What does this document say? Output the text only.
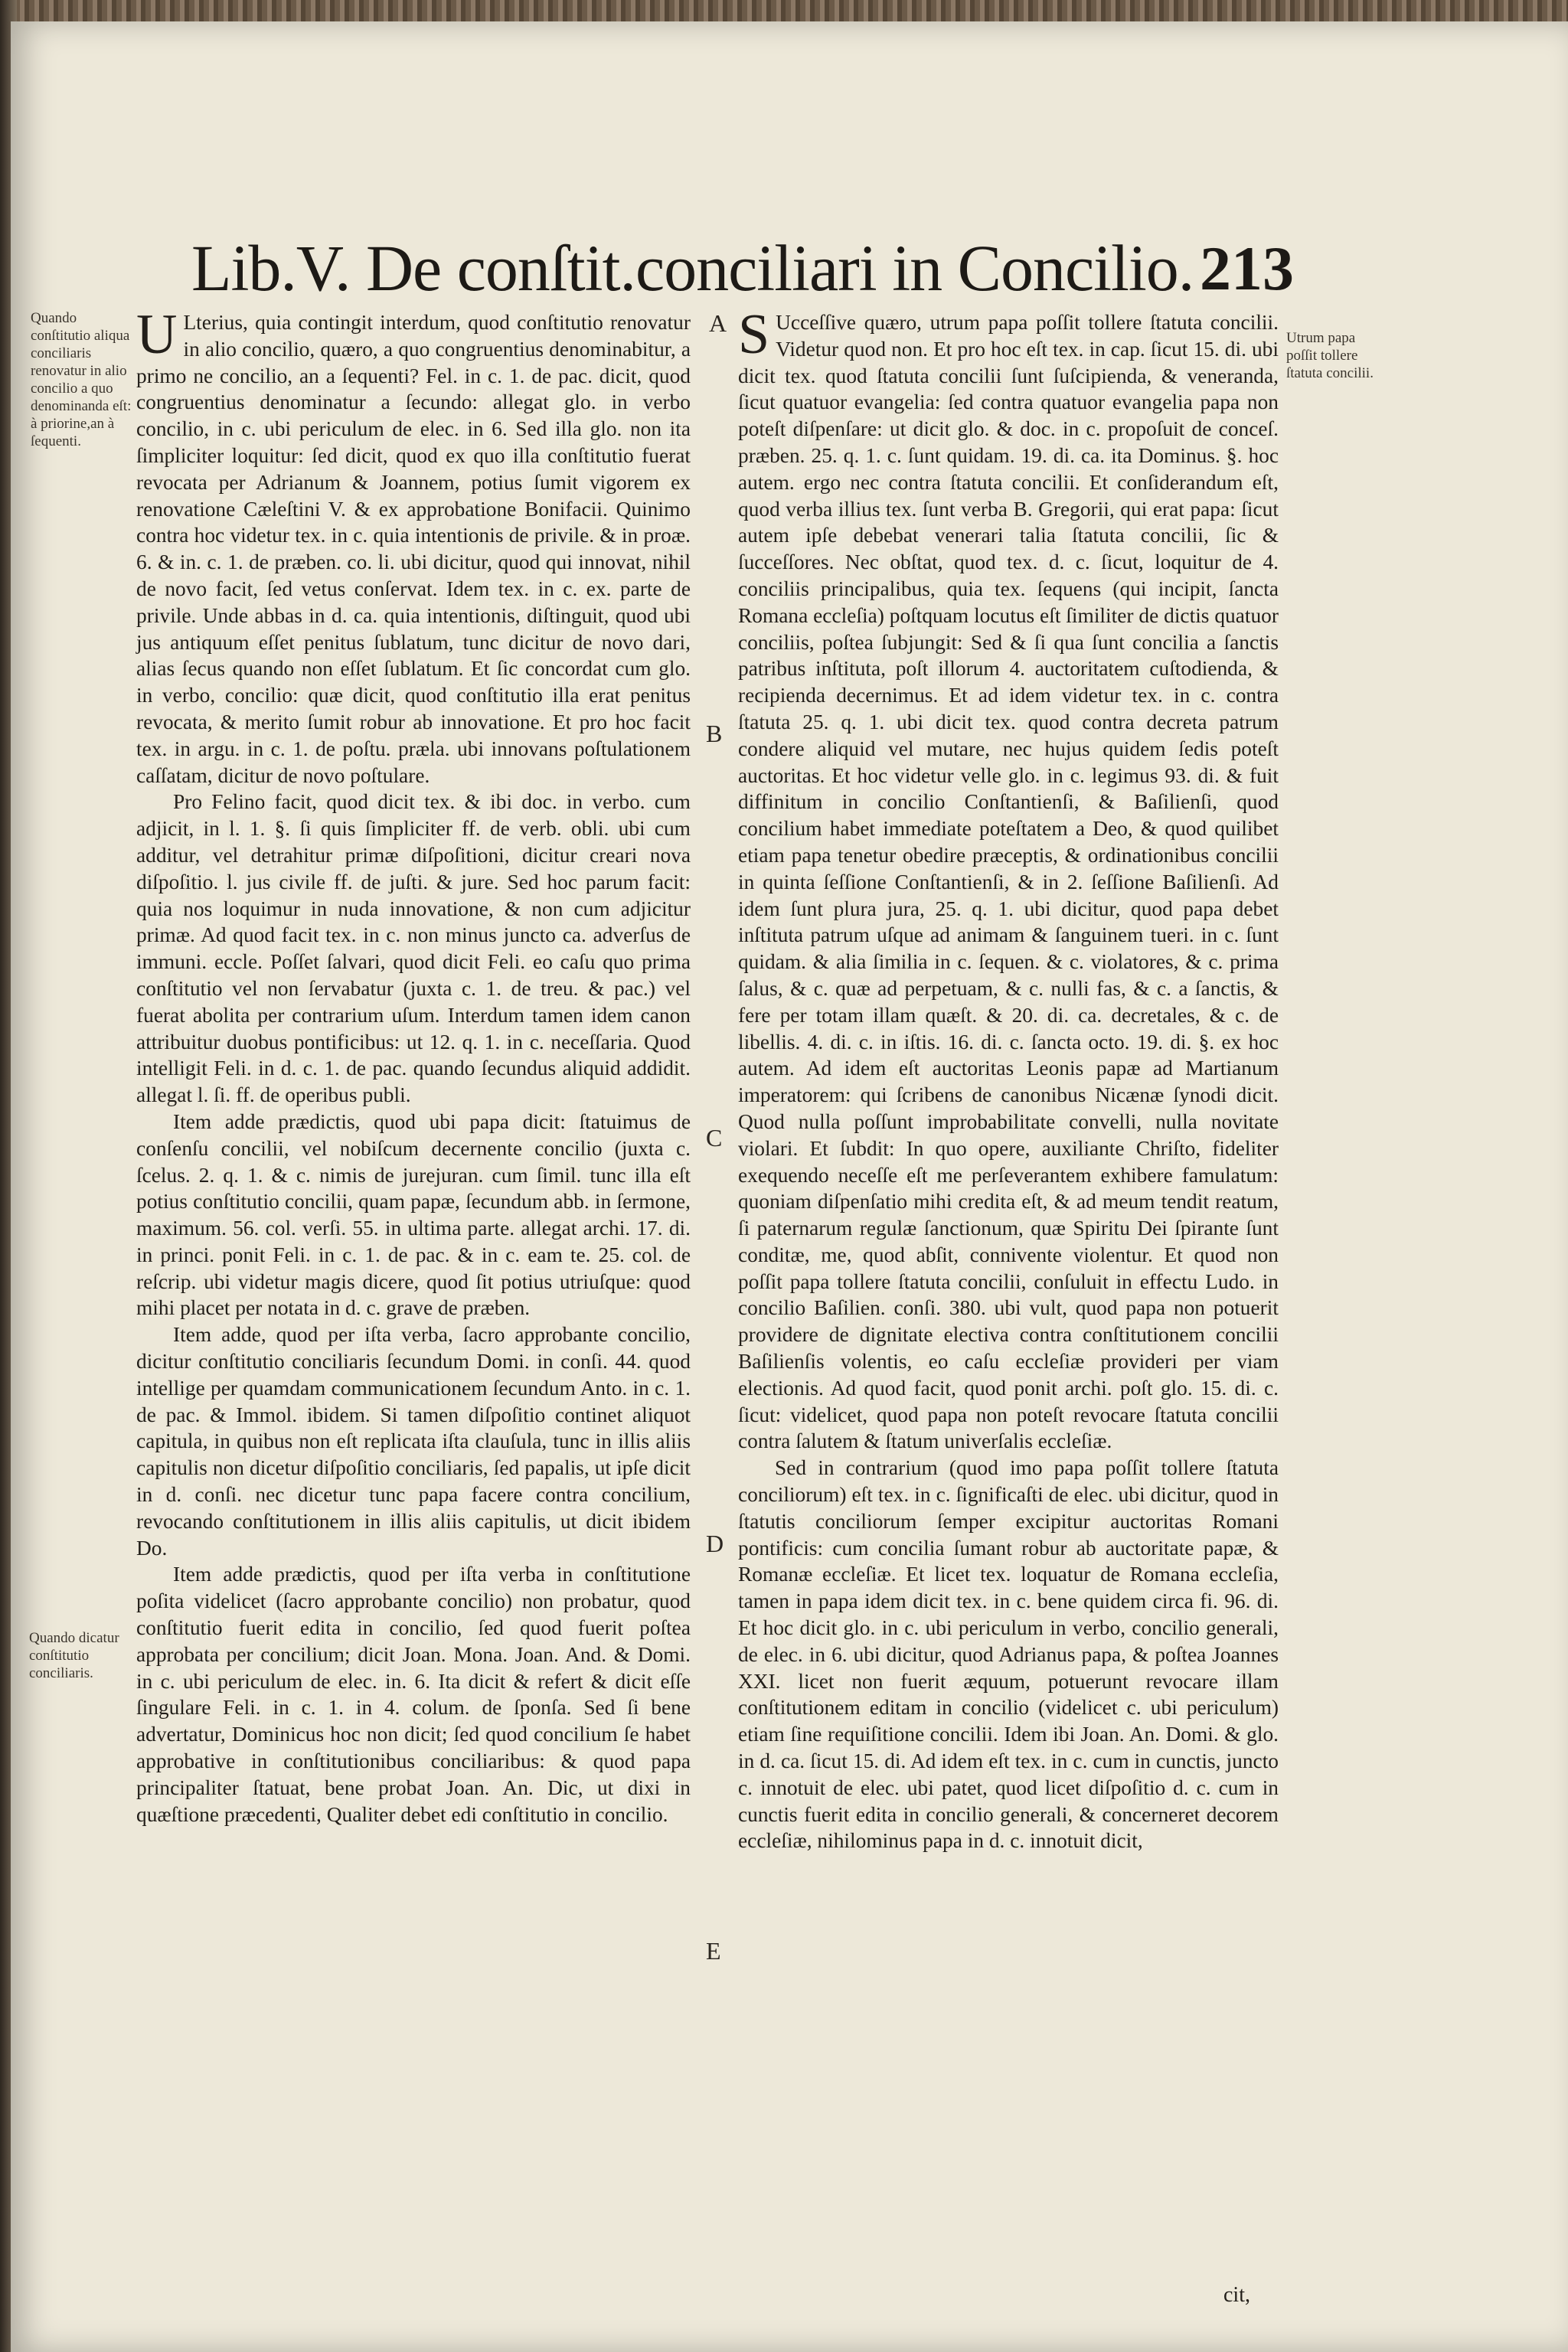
Lib.V. De conſtit.conciliari in Concilio. 213
Quando conſtitutio aliqua conciliaris renovatur in alio concilio a quo denominanda eſt: à priorine,an à ſequenti.
Quando dicatur conſtitutio conciliaris.
Utrum papa poſſit tollere ſtatuta concilii.
A
B
C
D
E

U Lterius, quia contingit interdum, quod conſtitutio renovatur in alio concilio, quæro, a quo congruentius denominabitur, a primo ne concilio, an a ſequenti? Fel. in c. 1. de pac. dicit, quod congruentius denominatur a ſecundo: allegat glo. in verbo concilio, in c. ubi periculum de elec. in 6. Sed illa glo. non ita ſimpliciter loquitur: ſed dicit, quod ex quo illa conſtitutio fuerat revocata per Adrianum & Joannem, potius ſumit vigorem ex renovatione Cæleſtini V. & ex approbatione Bonifacii. Quinimo contra hoc videtur tex. in c. quia intentionis de privile. & in proæ. 6. & in. c. 1. de præben. co. li. ubi dicitur, quod qui innovat, nihil de novo facit, ſed vetus conſervat. Idem tex. in c. ex. parte de privile. Unde abbas in d. ca. quia intentionis, diſtinguit, quod ubi jus antiquum eſſet penitus ſublatum, tunc dicitur de novo dari, alias ſecus quando non eſſet ſublatum. Et ſic concordat cum glo. in verbo, concilio: quæ dicit, quod conſtitutio illa erat penitus revocata, & merito ſumit robur ab innovatione. Et pro hoc facit tex. in argu. in c. 1. de poſtu. præla. ubi innovans poſtulationem caſſatam, dicitur de novo poſtulare.

Pro Felino facit, quod dicit tex. & ibi doc. in verbo. cum adjicit, in l. 1. §. ſi quis ſimpliciter ff. de verb. obli. ubi cum additur, vel detrahitur primæ diſpoſitioni, dicitur creari nova diſpoſitio. l. jus civile ff. de juſti. & jure. Sed hoc parum facit: quia nos loquimur in nuda innovatione, & non cum adjicitur primæ. Ad quod facit tex. in c. non minus juncto ca. adverſus de immuni. eccle. Poſſet ſalvari, quod dicit Feli. eo caſu quo prima conſtitutio vel non ſervabatur (juxta c. 1. de treu. & pac.) vel fuerat abolita per contrarium uſum. Interdum tamen idem canon attribuitur duobus pontificibus: ut 12. q. 1. in c. neceſſaria. Quod intelligit Feli. in d. c. 1. de pac. quando ſecundus aliquid addidit. allegat l. ſi. ff. de operibus publi.

Item adde prædictis, quod ubi papa dicit: ſtatuimus de conſenſu concilii, vel nobiſcum decernente concilio (juxta c. ſcelus. 2. q. 1. & c. nimis de jurejuran. cum ſimil. tunc illa eſt potius conſtitutio concilii, quam papæ, ſecundum abb. in ſermone, maximum. 56. col. verſi. 55. in ultima parte. allegat archi. 17. di. in princi. ponit Feli. in c. 1. de pac. & in c. eam te. 25. col. de reſcrip. ubi videtur magis dicere, quod ſit potius utriuſque: quod mihi placet per notata in d. c. grave de præben.

Item adde, quod per iſta verba, ſacro approbante concilio, dicitur conſtitutio conciliaris ſecundum Domi. in conſi. 44. quod intellige per quamdam communicationem ſecundum Anto. in c. 1. de pac. & Immol. ibidem. Si tamen diſpoſitio continet aliquot capitula, in quibus non eſt replicata iſta clauſula, tunc in illis aliis capitulis non dicetur diſpoſitio conciliaris, ſed papalis, ut ipſe dicit in d. conſi. nec dicetur tunc papa facere contra concilium, revocando conſtitutionem in illis aliis capitulis, ut dicit ibidem Do.

Item adde prædictis, quod per iſta verba in conſtitutione poſita videlicet (ſacro approbante concilio) non probatur, quod conſtitutio fuerit edita in concilio, ſed quod fuerit poſtea approbata per concilium; dicit Joan. Mona. Joan. And. & Domi. in c. ubi periculum de elec. in. 6. Ita dicit & refert & dicit eſſe ſingulare Feli. in c. 1. in 4. colum. de ſponſa. Sed ſi bene advertatur, Dominicus hoc non dicit; ſed quod concilium ſe habet approbative in conſtitutionibus conciliaribus: & quod papa principaliter ſtatuat, bene probat Joan. An. Dic, ut dixi in quæſtione præcedenti, Qualiter debet edi conſtitutio in concilio.

S Ucceſſive quæro, utrum papa poſſit tollere ſtatuta concilii. Videtur quod non. Et pro hoc eſt tex. in cap. ſicut 15. di. ubi dicit tex. quod ſtatuta concilii ſunt ſuſcipienda, & veneranda, ſicut quatuor evangelia: ſed contra quatuor evangelia papa non poteſt diſpenſare: ut dicit glo. & doc. in c. propoſuit de conceſ. præben. 25. q. 1. c. ſunt quidam. 19. di. ca. ita Dominus. §. hoc autem. ergo nec contra ſtatuta concilii. Et conſiderandum eſt, quod verba illius tex. ſunt verba B. Gregorii, qui erat papa: ſicut autem ipſe debebat venerari talia ſtatuta concilii, ſic & ſucceſſores. Nec obſtat, quod tex. d. c. ſicut, loquitur de 4. conciliis principalibus, quia tex. ſequens (qui incipit, ſancta Romana eccleſia) poſtquam locutus eſt ſimiliter de dictis quatuor conciliis, poſtea ſubjungit: Sed & ſi qua ſunt concilia a ſanctis patribus inſtituta, poſt illorum 4. auctoritatem cuſtodienda, & recipienda decernimus. Et ad idem videtur tex. in c. contra ſtatuta 25. q. 1. ubi dicit tex. quod contra decreta patrum condere aliquid vel mutare, nec hujus quidem ſedis poteſt auctoritas. Et hoc videtur velle glo. in c. legimus 93. di. & fuit diffinitum in concilio Conſtantienſi, & Baſilienſi, quod concilium habet immediate poteſtatem a Deo, & quod quilibet etiam papa tenetur obedire præceptis, & ordinationibus concilii in quinta ſeſſione Conſtantienſi, & in 2. ſeſſione Baſilienſi. Ad idem ſunt plura jura, 25. q. 1. ubi dicitur, quod papa debet inſtituta patrum uſque ad animam & ſanguinem tueri. in c. ſunt quidam. & alia ſimilia in c. ſequen. & c. violatores, & c. prima ſalus, & c. quæ ad perpetuam, & c. nulli fas, & c. a ſanctis, & fere per totam illam quæſt. & 20. di. ca. decretales, & c. de libellis. 4. di. c. in iſtis. 16. di. c. ſancta octo. 19. di. §. ex hoc autem. Ad idem eſt auctoritas Leonis papæ ad Martianum imperatorem: qui ſcribens de canonibus Nicænæ ſynodi dicit. Quod nulla poſſunt improbabilitate convelli, nulla novitate violari. Et ſubdit: In quo opere, auxiliante Chriſto, fideliter exequendo neceſſe eſt me perſeverantem exhibere famulatum: quoniam diſpenſatio mihi credita eſt, & ad meum tendit reatum, ſi paternarum regulæ ſanctionum, quæ Spiritu Dei ſpirante ſunt conditæ, me, quod abſit, connivente violentur. Et quod non poſſit papa tollere ſtatuta concilii, conſuluit in effectu Ludo. in concilio Baſilien. conſi. 380. ubi vult, quod papa non potuerit providere de dignitate electiva contra conſtitutionem concilii Baſilienſis volentis, eo caſu eccleſiæ provideri per viam electionis. Ad quod facit, quod ponit archi. poſt glo. 15. di. c. ſicut: videlicet, quod papa non poteſt revocare ſtatuta concilii contra ſalutem & ſtatum univerſalis eccleſiæ.

Sed in contrarium (quod imo papa poſſit tollere ſtatuta conciliorum) eſt tex. in c. ſignificaſti de elec. ubi dicitur, quod in ſtatutis conciliorum ſemper excipitur auctoritas Romani pontificis: cum concilia ſumant robur ab auctoritate papæ, & Romanæ eccleſiæ. Et licet tex. loquatur de Romana eccleſia, tamen in papa idem dicit tex. in c. bene quidem circa fi. 96. di. Et hoc dicit glo. in c. ubi periculum in verbo, concilio generali, de elec. in 6. ubi dicitur, quod Adrianus papa, & poſtea Joannes XXI. licet non fuerit æquum, potuerunt revocare illam conſtitutionem editam in concilio (videlicet c. ubi periculum) etiam ſine requiſitione concilii. Idem ibi Joan. An. Domi. & glo. in d. ca. ſicut 15. di. Ad idem eſt tex. in c. cum in cunctis, juncto c. innotuit de elec. ubi patet, quod licet diſpoſitio d. c. cum in cunctis fuerit edita in concilio generali, & concerneret decorem eccleſiæ, nihilominus papa in d. c. innotuit dicit,

cit,
